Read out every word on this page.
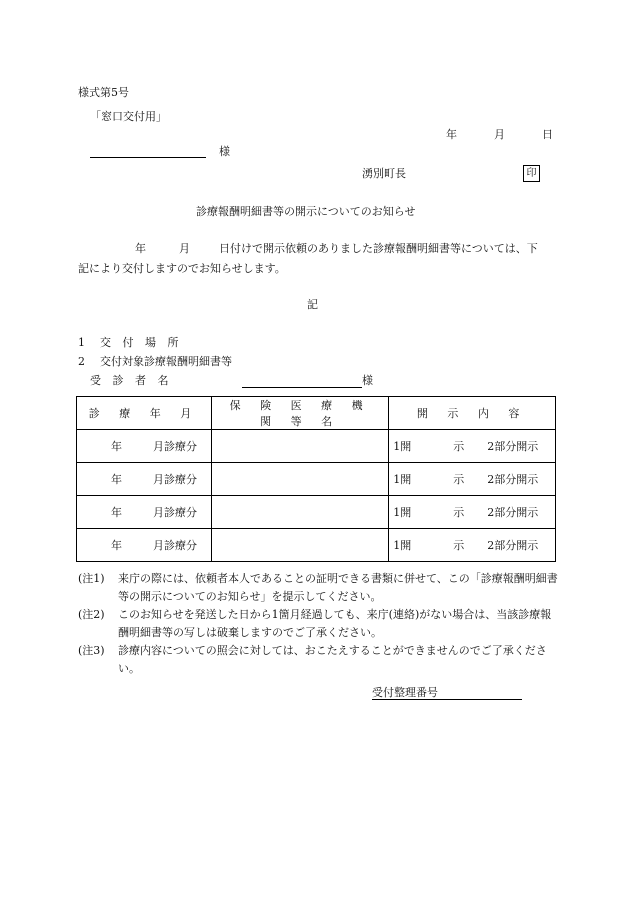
様式第5号
「窓口交付用」
年	月	日
様
湧別町長	印
診療報酬明細書等の開示についてのお知らせ
年	月	日付けで開示依頼のありました診療報酬明細書等については、下
記により交付しますのでお知らせします。
記
1 交 付 場 所
2 交付対象診療報酬明細書等
受 診 者 名	様
診 療 年 月	保 険 医 療 機 関 等 名	開 示 内 容
年 月診療分		1開 示 2部分開示
年 月診療分		1開 示 2部分開示
年 月診療分		1開 示 2部分開示
年 月診療分		1開 示 2部分開示
(注1)	来庁の際には、依頼者本人であることの証明できる書類に併せて、この「診療報酬明細書等の開示についてのお知らせ」を提示してください。
(注2)	このお知らせを発送した日から1箇月経過しても、来庁(連絡)がない場合は、当該診療報酬明細書等の写しは破棄しますのでご了承ください。
(注3)	診療内容についての照会に対しては、おこたえすることができませんのでご了承ください。
受付整理番号
